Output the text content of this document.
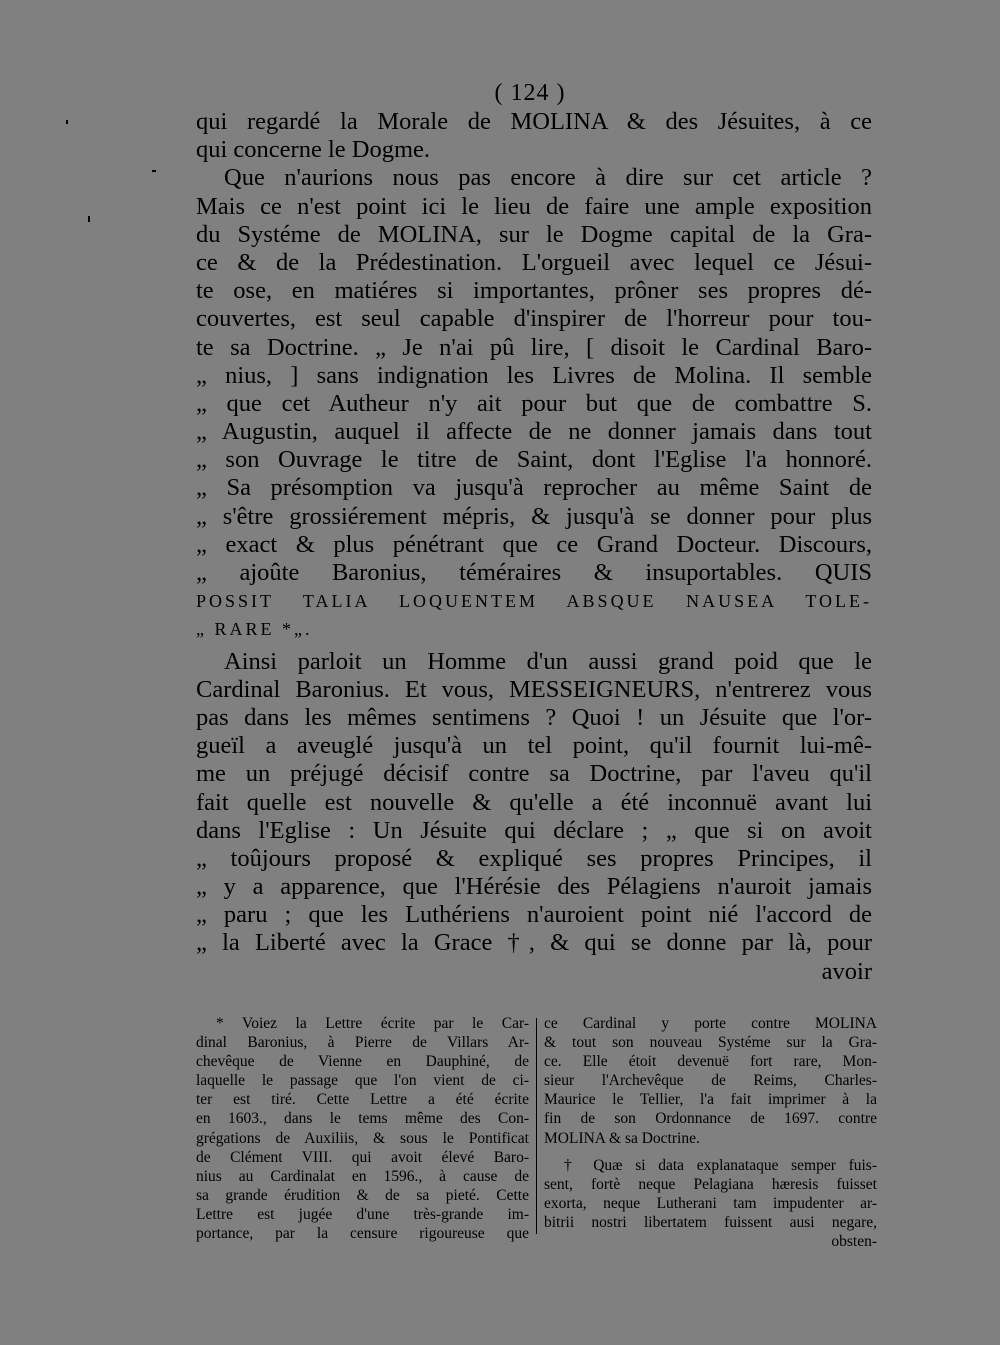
( 124 )
qui regardé la Morale de MOLINA & des Jésuites, à ce
qui concerne le Dogme.
Que n'aurions nous pas encore à dire sur cet article ?
Mais ce n'est point ici le lieu de faire une ample exposition
du Systéme de MOLINA, sur le Dogme capital de la Gra-
ce & de la Prédestination. L'orgueil avec lequel ce Jésui-
te ose, en matiéres si importantes, prôner ses propres dé-
couvertes, est seul capable d'inspirer de l'horreur pour tou-
te sa Doctrine. „ Je n'ai pû lire, [ disoit le Cardinal Baro-
„ nius, ] sans indignation les Livres de Molina. Il semble
„ que cet Autheur n'y ait pour but que de combattre S.
„ Augustin, auquel il affecte de ne donner jamais dans tout
„ son Ouvrage le titre de Saint, dont l'Eglise l'a honnoré.
„ Sa présomption va jusqu'à reprocher au même Saint de
„ s'être grossiérement mépris, & jusqu'à se donner pour plus
„ exact & plus pénétrant que ce Grand Docteur. Discours,
„ ajoûte Baronius, téméraires & insuportables. QUIS
POSSIT TALIA LOQUENTEM ABSQUE NAUSEA TOLE-
„ RARE *„.
Ainsi parloit un Homme d'un aussi grand poid que le
Cardinal Baronius. Et vous, MESSEIGNEURS, n'entrerez vous
pas dans les mêmes sentimens ? Quoi ! un Jésuite que l'or-
gueïl a aveuglé jusqu'à un tel point, qu'il fournit lui-mê-
me un préjugé décisif contre sa Doctrine, par l'aveu qu'il
fait quelle est nouvelle & qu'elle a été inconnuë avant lui
dans l'Eglise : Un Jésuite qui déclare ; „ que si on avoit
„ toûjours proposé & expliqué ses propres Principes, il
„ y a apparence, que l'Hérésie des Pélagiens n'auroit jamais
„ paru ; que les Luthériens n'auroient point nié l'accord de
„ la Liberté avec la Grace †, & qui se donne par là, pour
avoir
* Voiez la Lettre écrite par le Car-
dinal Baronius, à Pierre de Villars Ar-
chevêque de Vienne en Dauphiné, de
laquelle le passage que l'on vient de ci-
ter est tiré. Cette Lettre a été écrite
en 1603., dans le tems même des Con-
grégations de Auxiliis, & sous le Pontificat
de Clément VIII. qui avoit élevé Baro-
nius au Cardinalat en 1596., à cause de
sa grande érudition & de sa pieté. Cette
Lettre est jugée d'une très-grande im-
portance, par la censure rigoureuse que
ce Cardinal y porte contre MOLINA
& tout son nouveau Systéme sur la Gra-
ce. Elle étoit devenuë fort rare, Mon-
sieur l'Archevêque de Reims, Charles-
Maurice le Tellier, l'a fait imprimer à la
fin de son Ordonnance de 1697. contre
MOLINA & sa Doctrine.
† Quæ si data explanataque semper fuis-
sent, fortè neque Pelagiana hæresis fuisset
exorta, neque Lutherani tam impudenter ar-
bitrii nostri libertatem fuissent ausi negare,
obsten-
